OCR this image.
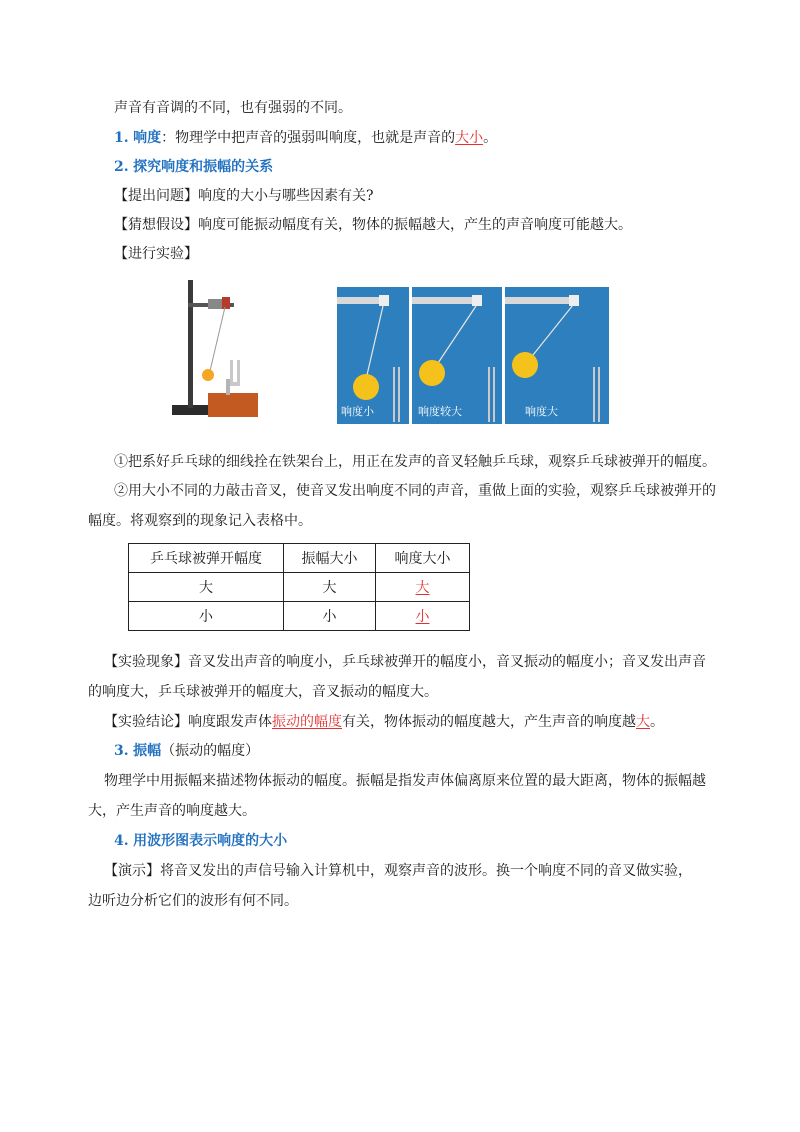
声音有音调的不同，也有强弱的不同。
1. 响度：物理学中把声音的强弱叫响度，也就是声音的大小。
2. 探究响度和振幅的关系
【提出问题】响度的大小与哪些因素有关?
【猜想假设】响度可能振动幅度有关，物体的振幅越大，产生的声音响度可能越大。
【进行实验】
响度小	响度较大	响度大
①把系好乒乓球的细线拴在铁架台上，用正在发声的音叉轻触乒乓球，观察乒乓球被弹开的幅度。
②用大小不同的力敲击音叉，使音叉发出响度不同的声音，重做上面的实验，观察乒乓球被弹开的
幅度。将观察到的现象记入表格中。
乒乓球被弹开幅度	振幅大小	响度大小
大	大	大
小	小	小
【实验现象】音叉发出声音的响度小，乒乓球被弹开的幅度小，音叉振动的幅度小；音叉发出声音
的响度大，乒乓球被弹开的幅度大，音叉振动的幅度大。
【实验结论】响度跟发声体振动的幅度有关，物体振动的幅度越大，产生声音的响度越大。
3. 振幅（振动的幅度）
物理学中用振幅来描述物体振动的幅度。振幅是指发声体偏离原来位置的最大距离，物体的振幅越
大，产生声音的响度越大。
4. 用波形图表示响度的大小
【演示】将音叉发出的声信号输入计算机中，观察声音的波形。换一个响度不同的音叉做实验，
边听边分析它们的波形有何不同。
